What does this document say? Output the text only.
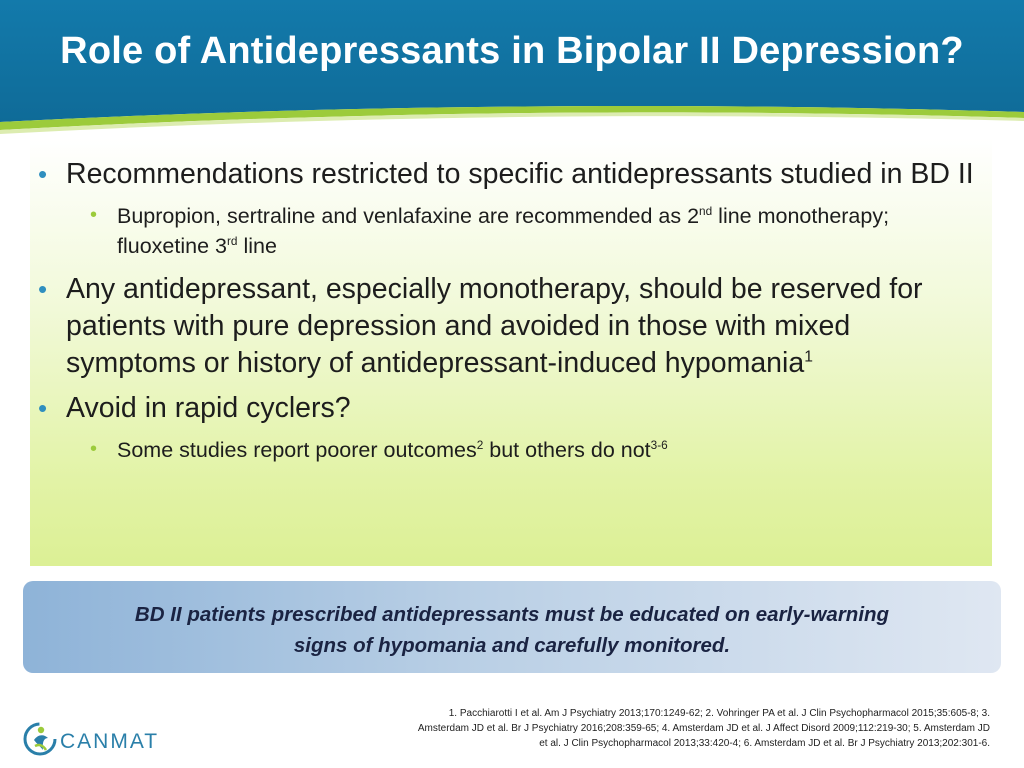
Role of Antidepressants in Bipolar II Depression?
• Recommendations restricted to specific antidepressants studied in BD II
• Bupropion, sertraline and venlafaxine are recommended as 2nd line monotherapy; fluoxetine 3rd line
• Any antidepressant, especially monotherapy, should be reserved for patients with pure depression and avoided in those with mixed symptoms or history of antidepressant-induced hypomania$^1$
• Avoid in rapid cyclers?
• Some studies report poorer outcomes$^2$ but others do not$^{3-6}$
BD II patients prescribed antidepressants must be educated on early-warning
signs of hypomania and carefully monitored.
CANMAT
1. Pacchiarotti I et al. Am J Psychiatry 2013;170:1249-62; 2. Vohringer PA et al. J Clin Psychopharmacol 2015;35:605-8; 3.
Amsterdam JD et al. Br J Psychiatry 2016;208:359-65; 4. Amsterdam JD et al. J Affect Disord 2009;112:219-30; 5. Amsterdam JD
et al. J Clin Psychopharmacol 2013;33:420-4; 6. Amsterdam JD et al. Br J Psychiatry 2013;202:301-6.
